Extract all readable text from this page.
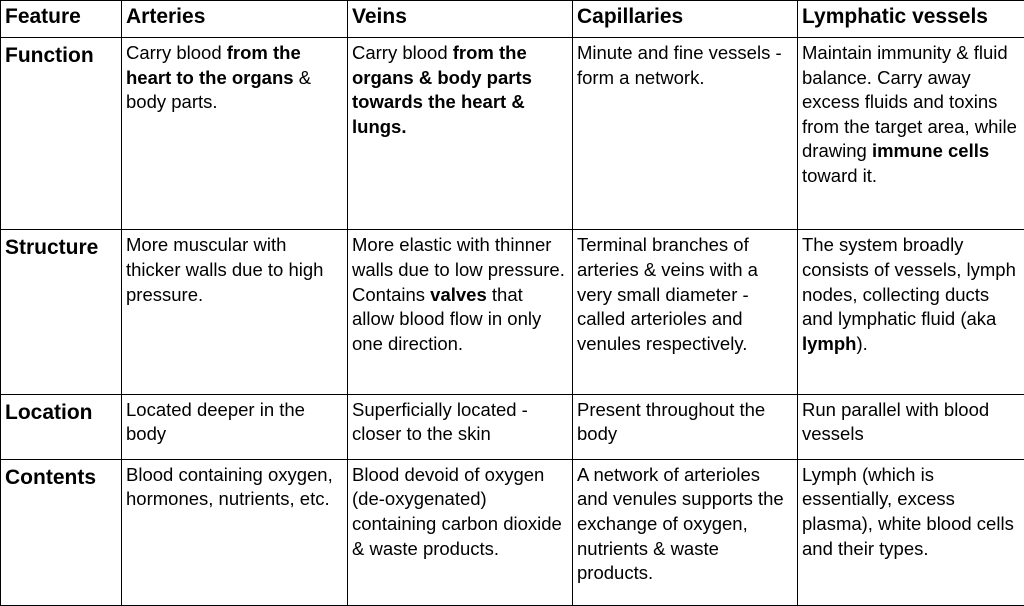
Feature	Arteries	Veins	Capillaries	Lymphatic vessels
Function	Carry blood from the heart to the organs & body parts.	Carry blood from the organs & body parts towards the heart & lungs.	Minute and fine vessels - form a network.	Maintain immunity & fluid balance. Carry away excess fluids and toxins from the target area, while drawing immune cells toward it.
Structure	More muscular with thicker walls due to high pressure.	More elastic with thinner walls due to low pressure. Contains valves that allow blood flow in only one direction.	Terminal branches of arteries & veins with a very small diameter - called arterioles and venules respectively.	The system broadly consists of vessels, lymph nodes, collecting ducts and lymphatic fluid (aka lymph).
Location	Located deeper in the body	Superficially located - closer to the skin	Present throughout the body	Run parallel with blood vessels
Contents	Blood containing oxygen, hormones, nutrients, etc.	Blood devoid of oxygen (de-oxygenated) containing carbon dioxide & waste products.	A network of arterioles and venules supports the exchange of oxygen, nutrients & waste products.	Lymph (which is essentially, excess plasma), white blood cells and their types.
